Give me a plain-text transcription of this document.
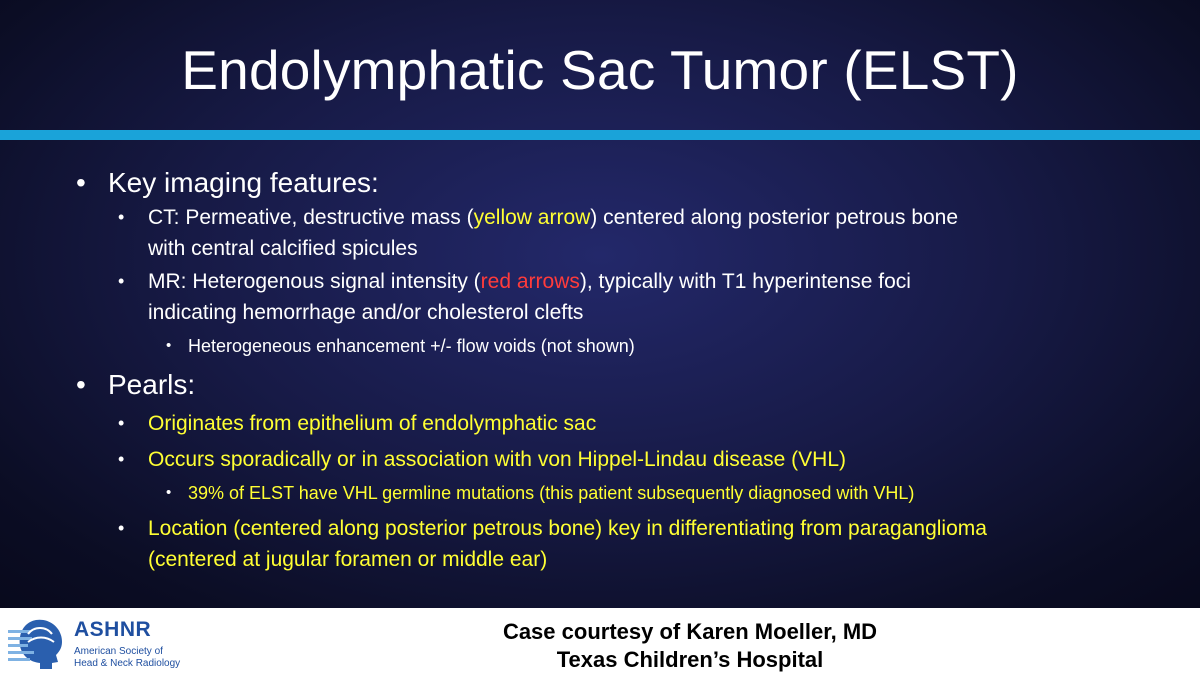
Endolymphatic Sac Tumor (ELST)
• Key imaging features:
• CT: Permeative, destructive mass (yellow arrow) centered along posterior petrous bone
with central calcified spicules
• MR: Heterogenous signal intensity (red arrows), typically with T1 hyperintense foci
indicating hemorrhage and/or cholesterol clefts
• Heterogeneous enhancement +/- flow voids (not shown)
• Pearls:
• Originates from epithelium of endolymphatic sac
• Occurs sporadically or in association with von Hippel-Lindau disease (VHL)
• 39% of ELST have VHL germline mutations (this patient subsequently diagnosed with VHL)
• Location (centered along posterior petrous bone) key in differentiating from paraganglioma
(centered at jugular foramen or middle ear)
ASHNR
American Society of
Head & Neck Radiology
Case courtesy of Karen Moeller, MD
Texas Children’s Hospital
